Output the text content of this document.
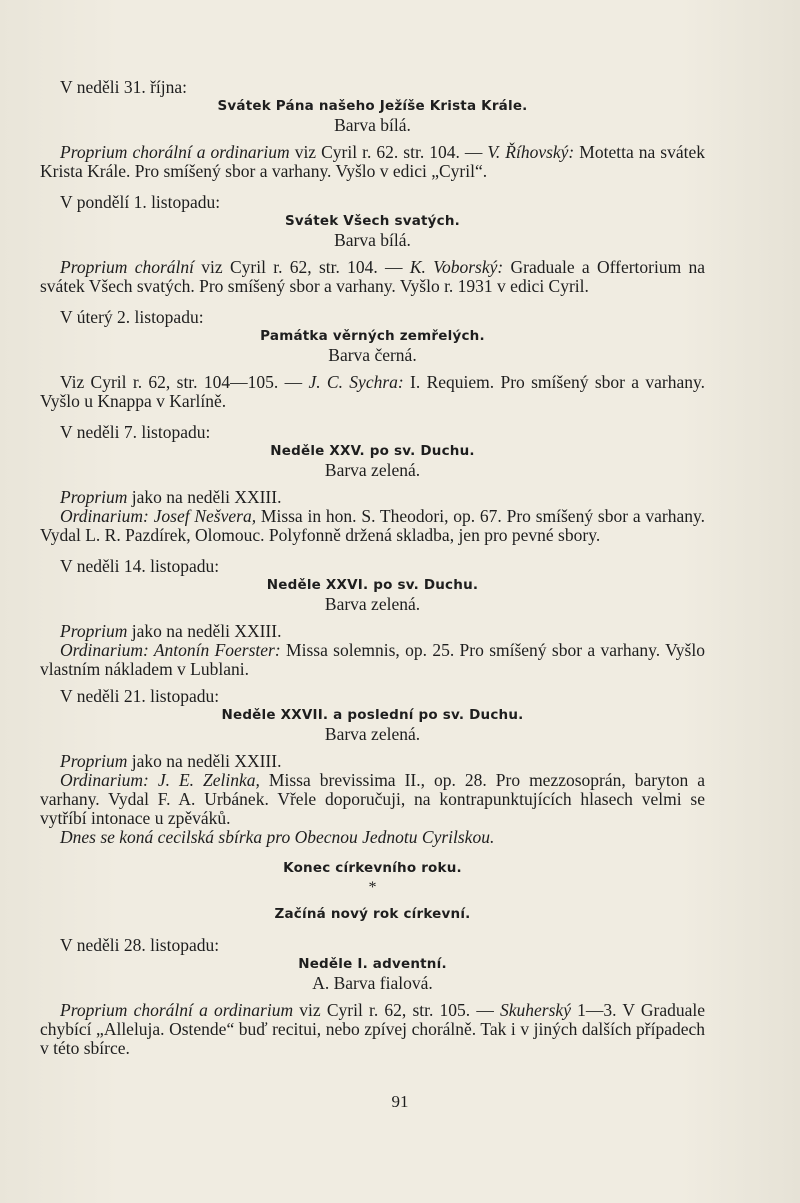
V neděli 31. října:

Svátek Pána našeho Ježíše Krista Krále.

Barva bílá.

Proprium chorální a ordinarium viz Cyril r. 62. str. 104. — V. Říhovský: Motetta na svátek Krista Krále. Pro smíšený sbor a varhany. Vyšlo v edici „Cyril“.

V pondělí 1. listopadu:

Svátek Všech svatých.

Barva bílá.

Proprium chorální viz Cyril r. 62, str. 104. — K. Voborský: Graduale a Offertorium na svátek Všech svatých. Pro smíšený sbor a varhany. Vyšlo r. 1931 v edici Cyril.

V úterý 2. listopadu:

Památka věrných zemřelých.

Barva černá.

Viz Cyril r. 62, str. 104—105. — J. C. Sychra: I. Requiem. Pro smíšený sbor a varhany. Vyšlo u Knappa v Karlíně.

V neděli 7. listopadu:

Neděle XXV. po sv. Duchu.

Barva zelená.

Proprium jako na neděli XXIII.

Ordinarium: Josef Nešvera, Missa in hon. S. Theodori, op. 67. Pro smíšený sbor a varhany. Vydal L. R. Pazdírek, Olomouc. Polyfonně držená skladba, jen pro pevné sbory.

V neděli 14. listopadu:

Neděle XXVI. po sv. Duchu.

Barva zelená.

Proprium jako na neděli XXIII.

Ordinarium: Antonín Foerster: Missa solemnis, op. 25. Pro smíšený sbor a varhany. Vyšlo vlastním nákladem v Lublani.

V neděli 21. listopadu:

Neděle XXVII. a poslední po sv. Duchu.

Barva zelená.

Proprium jako na neděli XXIII.

Ordinarium: J. E. Zelinka, Missa brevissima II., op. 28. Pro mezzosoprán, baryton a varhany. Vydal F. A. Urbánek. Vřele doporučuji, na kontrapunktujících hlasech velmi se vytříbí intonace u zpěváků.

Dnes se koná cecilská sbírka pro Obecnou Jednotu Cyrilskou.

Konec církevního roku.

*

Začíná nový rok církevní.

V neděli 28. listopadu:

Neděle I. adventní.

A. Barva fialová.

Proprium chorální a ordinarium viz Cyril r. 62, str. 105. — Skuherský 1—3. V Graduale chybící „Alleluja. Ostende“ buď recitui, nebo zpívej chorálně. Tak i v jiných dalších případech v této sbírce.

91
